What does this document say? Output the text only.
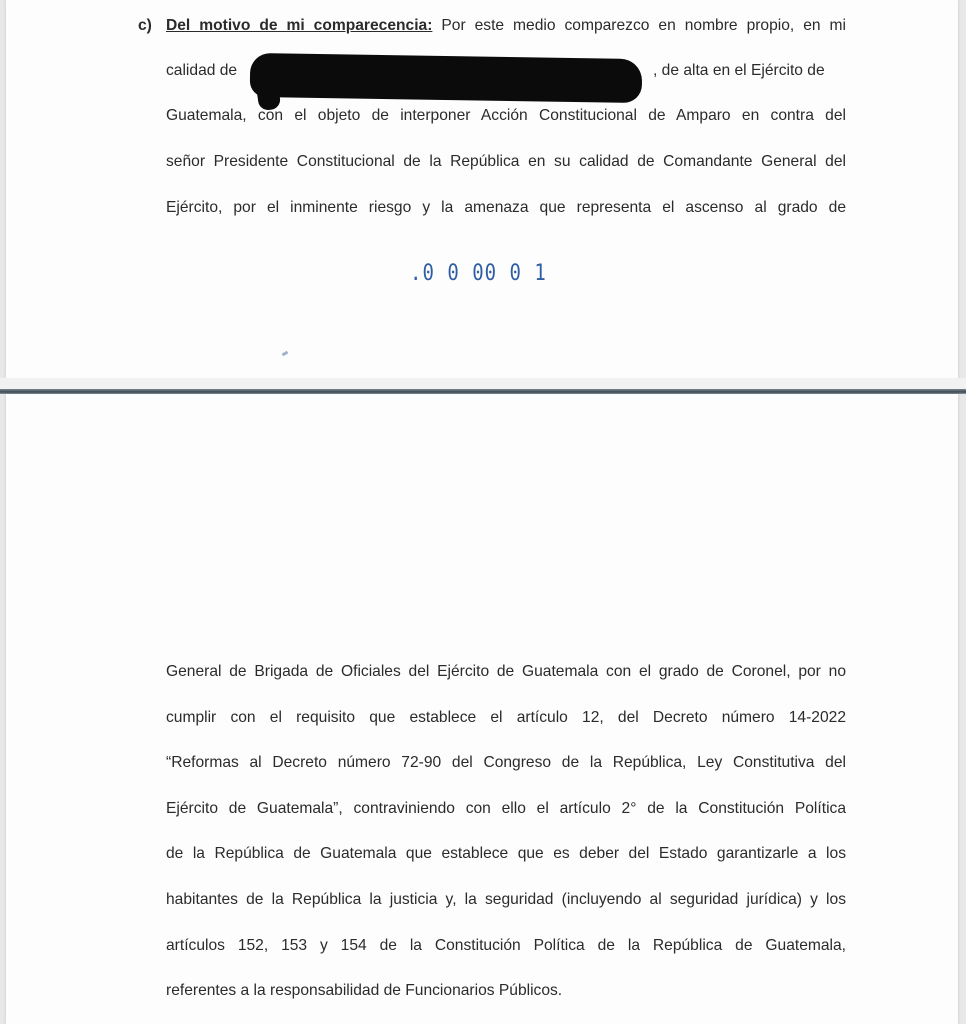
c) Del motivo de mi comparecencia: Por este medio comparezco en nombre propio, en mi
calidad de	, de alta en el Ejército de
Guatemala, con el objeto de interponer Acción Constitucional de Amparo en contra del
señor Presidente Constitucional de la República en su calidad de Comandante General del
Ejército, por el inminente riesgo y la amenaza que representa el ascenso al grado de
.0 0 00 0 1
General de Brigada de Oficiales del Ejército de Guatemala con el grado de Coronel, por no
cumplir con el requisito que establece el artículo 12, del Decreto número 14-2022
“Reformas al Decreto número 72-90 del Congreso de la República, Ley Constitutiva del
Ejército de Guatemala”, contraviniendo con ello el artículo 2° de la Constitución Política
de la República de Guatemala que establece que es deber del Estado garantizarle a los
habitantes de la República la justicia y, la seguridad (incluyendo al seguridad jurídica) y los
artículos 152, 153 y 154 de la Constitución Política de la República de Guatemala,
referentes a la responsabilidad de Funcionarios Públicos.
